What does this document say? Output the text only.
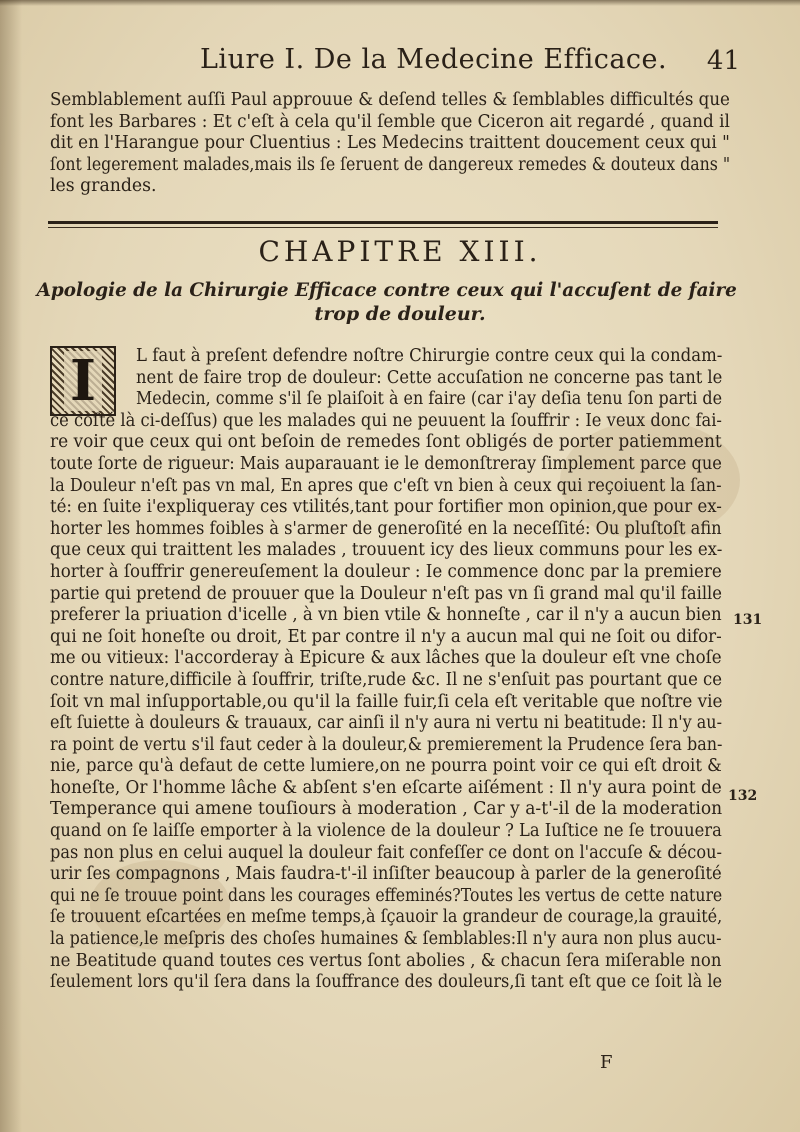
Liure I. De la Medecine Efficace. 41
Semblablement auſſi Paul approuue & deſend telles & ſemblables difficultés que
font les Barbares : Et c'eſt à cela qu'il ſemble que Ciceron ait regardé , quand il
dit en l'Harangue pour Cluentius : Les Medecins traittent doucement ceux qui "
ſont legerement malades,mais ils ſe ſeruent de dangereux remedes & douteux dans "
les grandes.
CHAPITRE XIII.
Apologie de la Chirurgie Efficace contre ceux qui l'accuſent de faire
trop de douleur.
I	L faut à preſent defendre noſtre Chirurgie contre ceux qui la condam-
nent de faire trop de douleur: Cette accuſation ne concerne pas tant le
Medecin, comme s'il ſe plaiſoit à en faire (car i'ay deſia tenu ſon parti de
ce coſté là ci-deſſus) que les malades qui ne peuuent la ſouffrir : Ie veux donc fai-
re voir que ceux qui ont beſoin de remedes ſont obligés de porter patiemment
toute ſorte de rigueur: Mais auparauant ie le demonſtreray ſimplement parce que
la Douleur n'eſt pas vn mal, En apres que c'eſt vn bien à ceux qui reçoiuent la ſan-
té: en ſuite i'expliqueray ces vtilités,tant pour fortifier mon opinion,que pour ex-
horter les hommes foibles à s'armer de generoſité en la neceſſité: Ou pluſtoſt afin
que ceux qui traittent les malades , trouuent icy des lieux communs pour les ex-
horter à ſouffrir genereuſement la douleur : Ie commence donc par la premiere
partie qui pretend de prouuer que la Douleur n'eſt pas vn ſi grand mal qu'il faille
preferer la priuation d'icelle , à vn bien vtile & honneſte , car il n'y a aucun bien
qui ne ſoit honeſte ou droit, Et par contre il n'y a aucun mal qui ne ſoit ou difor-
me ou vitieux: l'accorderay à Epicure & aux lâches que la douleur eſt vne choſe
contre nature,difficile à ſouffrir, triſte,rude &c. Il ne s'enſuit pas pourtant que ce
ſoit vn mal inſupportable,ou qu'il la faille fuir,ſi cela eſt veritable que noſtre vie
eſt ſuiette à douleurs & trauaux, car ainſi il n'y aura ni vertu ni beatitude: Il n'y au-
ra point de vertu s'il faut ceder à la douleur,& premierement la Prudence ſera ban-
nie, parce qu'à defaut de cette lumiere,on ne pourra point voir ce qui eſt droit &
honeſte, Or l'homme lâche & abſent s'en eſcarte aiſément : Il n'y aura point de
Temperance qui amene touſiours à moderation , Car y a-t'-il de la moderation
quand on ſe laiſſe emporter à la violence de la douleur ? La Iuſtice ne ſe trouuera
pas non plus en celui auquel la douleur fait confeſſer ce dont on l'accuſe & décou-
urir ſes compagnons , Mais faudra-t'-il inſiſter beaucoup à parler de la generoſité
qui ne ſe trouue point dans les courages effeminés?Toutes les vertus de cette nature
ſe trouuent eſcartées en meſme temps,à ſçauoir la grandeur de courage,la grauité,
la patience,le meſpris des choſes humaines & ſemblables:Il n'y aura non plus aucu-
ne Beatitude quand toutes ces vertus ſont abolies , & chacun ſera miſerable non
ſeulement lors qu'il ſera dans la ſouffrance des douleurs,ſi tant eſt que ce ſoit là le
131
132
F
